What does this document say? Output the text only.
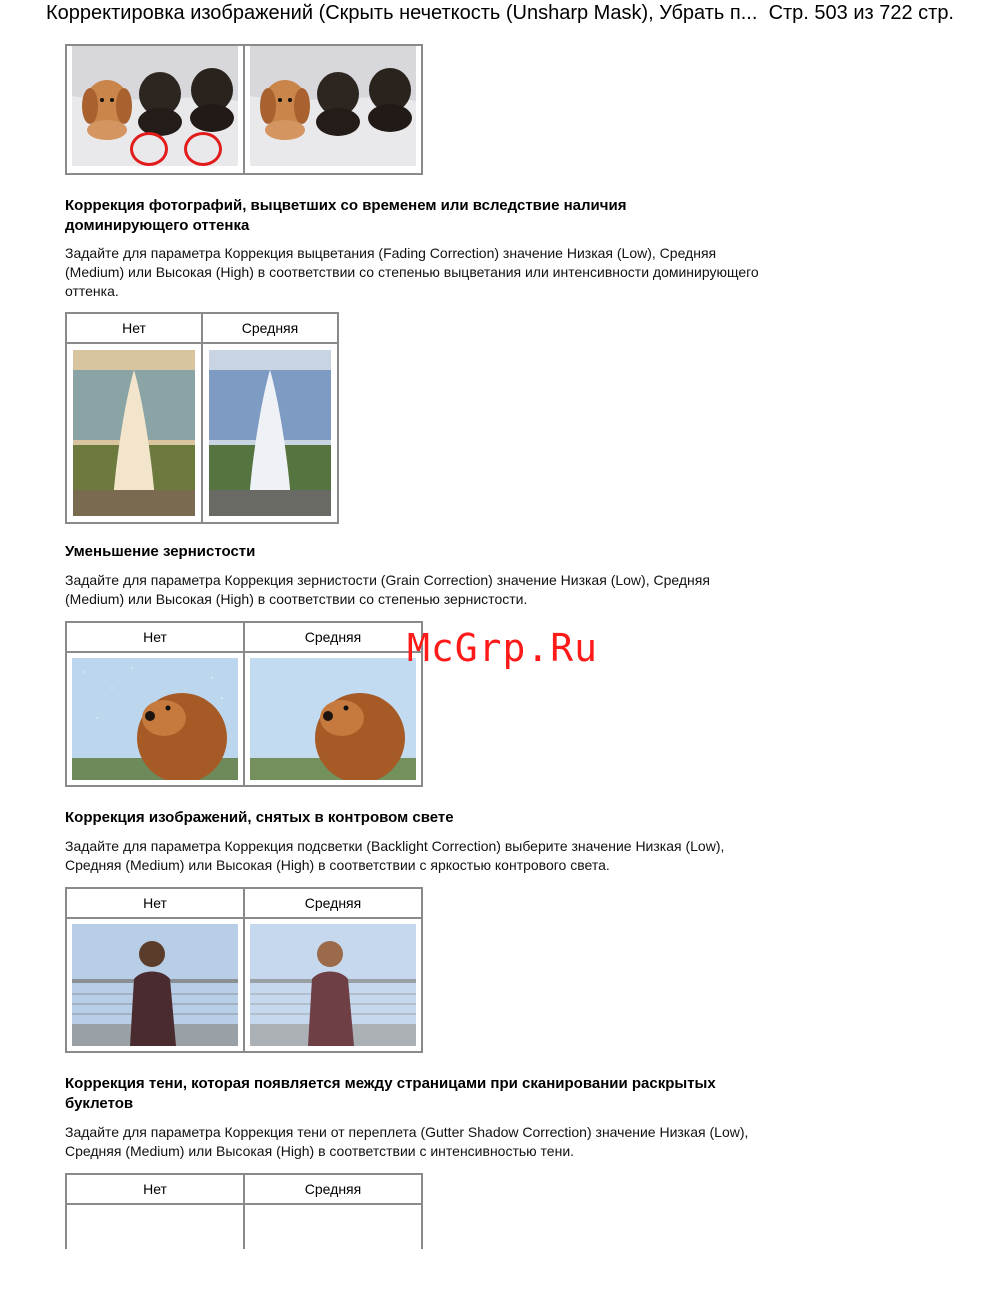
Корректировка изображений (Скрыть нечеткость (Unsharp Mask), Убрать п... Стр. 503 из 722 стр.

Коррекция фотографий, выцветших со временем или вследствие наличия доминирующего оттенка

Задайте для параметра Коррекция выцветания (Fading Correction) значение Низкая (Low), Средняя (Medium) или Высокая (High) в соответствии со степенью выцветания или интенсивности доминирующего оттенка.

Нет	Средняя

Уменьшение зернистости

Задайте для параметра Коррекция зернистости (Grain Correction) значение Низкая (Low), Средняя (Medium) или Высокая (High) в соответствии со степенью зернистости.

Нет	Средняя

Коррекция изображений, снятых в контровом свете

Задайте для параметра Коррекция подсветки (Backlight Correction) выберите значение Низкая (Low), Средняя (Medium) или Высокая (High) в соответствии с яркостью контрового света.

Нет	Средняя

Коррекция тени, которая появляется между страницами при сканировании раскрытых буклетов

Задайте для параметра Коррекция тени от переплета (Gutter Shadow Correction) значение Низкая (Low), Средняя (Medium) или Высокая (High) в соответствии с интенсивностью тени.

Нет	Средняя

McGrp.Ru
